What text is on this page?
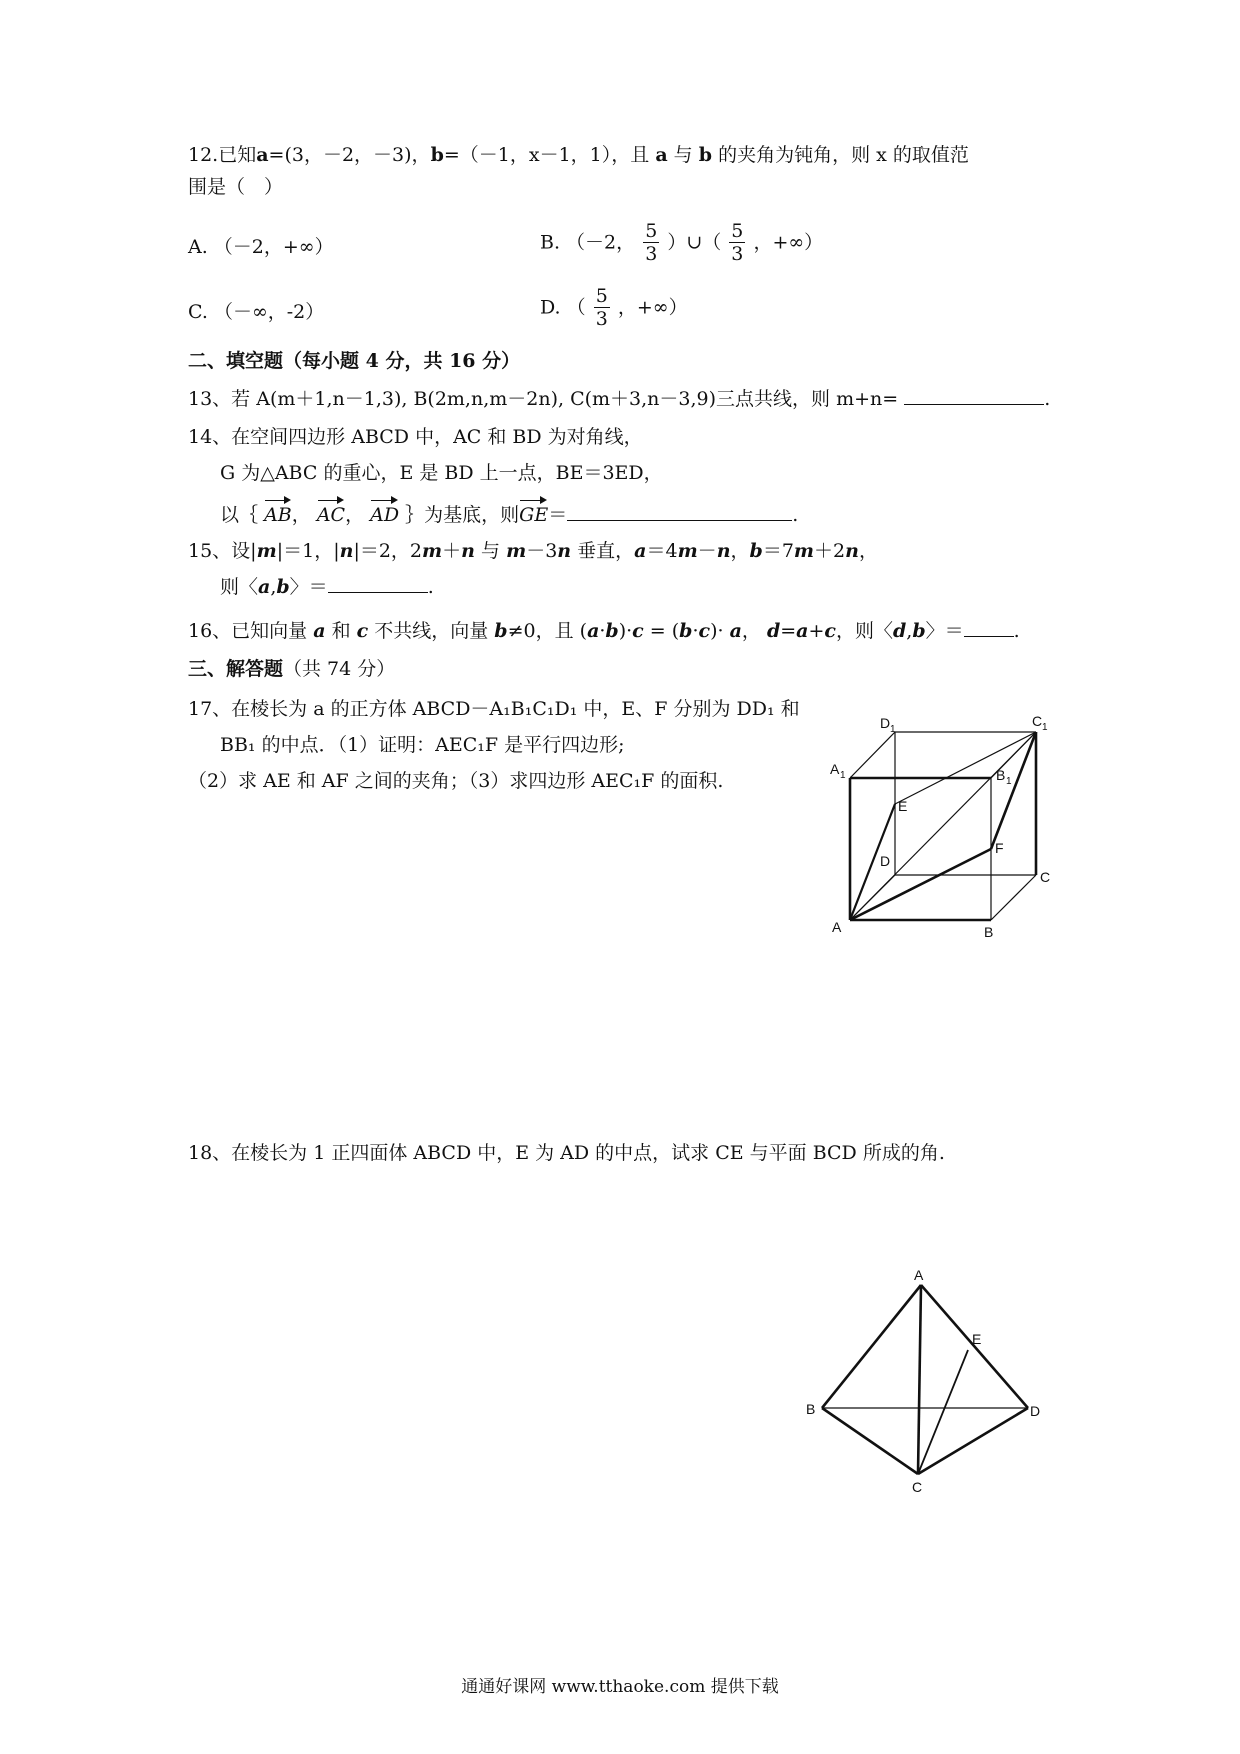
12.已知a=(3，－2，－3)，b=（－1，x－1，1），且 a 与 b 的夹角为钝角，则 x 的取值范
围是（　）
A. （－2，+∞）	B. （－2， $\frac{5}{3}$ ）∪（ $\frac{5}{3}$ ，+∞）
C. （－∞，-2）	D. （ $\frac{5}{3}$ ，+∞）
二、填空题（每小题 4 分，共 16 分）
13、若 A(m＋1,n－1,3), B(2m,n,m－2n), C(m＋3,n－3,9)三点共线，则 m+n=	.
14、在空间四边形 ABCD 中，AC 和 BD 为对角线，
G 为△ABC 的重心，E 是 BD 上一点，BE＝3ED，
以｛ AB， AC， AD ｝为基底，则GE＝	.
15、设|m|＝1，|n|＝2，2m＋n 与 m－3n 垂直，a＝4m－n，b＝7m＋2n，
则〈a,b〉＝	.
16、已知向量 a 和 c 不共线，向量 b≠0，且 (a·b)·c = (b·c)· a， d=a+c，则〈d,b〉＝	.
三、解答题（共 74 分）
17、在棱长为 a 的正方体 ABCD－A₁B₁C₁D₁ 中，E、F 分别为 DD₁ 和
BB₁ 的中点．（1）证明：AEC₁F 是平行四边形;
（2）求 AE 和 AF 之间的夹角；（3）求四边形 AEC₁F 的面积.
D 1
C 1
A 1	B 1
E
D
F
C
A	B
18、在棱长为 1 正四面体 ABCD 中，E 为 AD 的中点，试求 CE 与平面 BCD 所成的角.
A
E
B	D
C
通通好课网 www.tthaoke.com 提供下载
